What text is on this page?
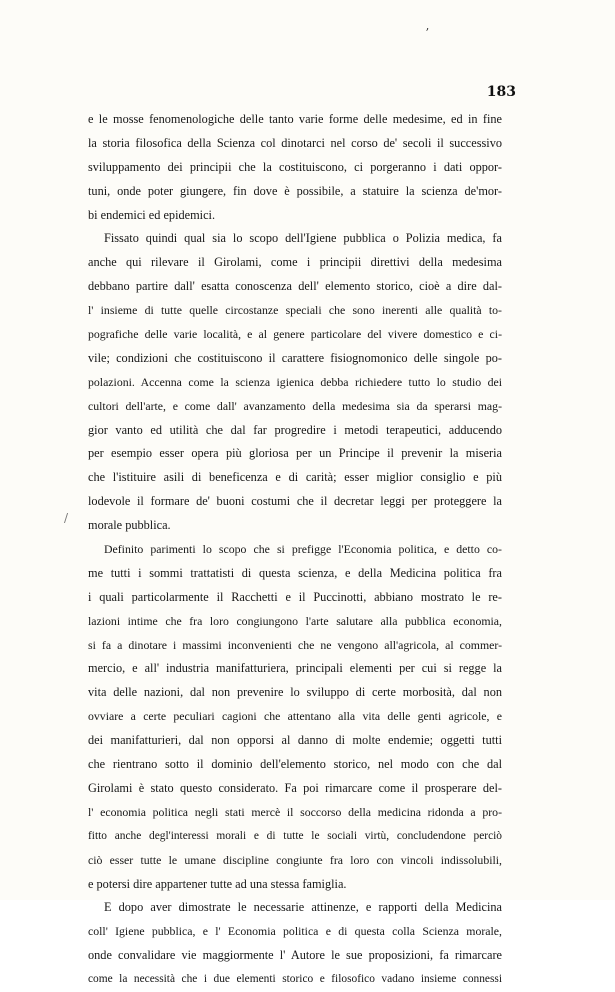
ʼ
183
/
e le mosse fenomenologiche delle tanto varie forme delle medesime, ed in fine
la storia filosofica della Scienza col dinotarci nel corso de' secoli il successivo
sviluppamento dei principii che la costituiscono, ci porgeranno i dati oppor-
tuni, onde poter giungere, fin dove è possibile, a statuire la scienza de'mor-
bi endemici ed epidemici.
Fissato quindi qual sia lo scopo dell'Igiene pubblica o Polizia medica, fa
anche qui rilevare il Girolami, come i principii direttivi della medesima
debbano partire dall' esatta conoscenza dell' elemento storico, cioè a dire dal-
l' insieme di tutte quelle circostanze speciali che sono inerenti alle qualità to-
pografiche delle varie località, e al genere particolare del vivere domestico e ci-
vile; condizioni che costituiscono il carattere fisiognomonico delle singole po-
polazioni. Accenna come la scienza igienica debba richiedere tutto lo studio dei
cultori dell'arte, e come dall' avanzamento della medesima sia da sperarsi mag-
gior vanto ed utilità che dal far progredire i metodi terapeutici, adducendo
per esempio esser opera più gloriosa per un Principe il prevenir la miseria
che l'istituire asili di beneficenza e di carità; esser miglior consiglio e più
lodevole il formare de' buoni costumi che il decretar leggi per proteggere la
morale pubblica.
Definito parimenti lo scopo che si prefigge l'Economia politica, e detto co-
me tutti i sommi trattatisti di questa scienza, e della Medicina politica fra
i quali particolarmente il Racchetti e il Puccinotti, abbiano mostrato le re-
lazioni intime che fra loro congiungono l'arte salutare alla pubblica economia,
si fa a dinotare i massimi inconvenienti che ne vengono all'agricola, al commer-
mercio, e all' industria manifatturiera, principali elementi per cui si regge la
vita delle nazioni, dal non prevenire lo sviluppo di certe morbosità, dal non
ovviare a certe peculiari cagioni che attentano alla vita delle genti agricole, e
dei manifatturieri, dal non opporsi al danno di molte endemie; oggetti tutti
che rientrano sotto il dominio dell'elemento storico, nel modo con che dal
Girolami è stato questo considerato. Fa poi rimarcare come il prosperare del-
l' economia politica negli stati mercè il soccorso della medicina ridonda a pro-
fitto anche degl'interessi morali e di tutte le sociali virtù, concludendone perciò
ciò esser tutte le umane discipline congiunte fra loro con vincoli indissolubili,
e potersi dire appartener tutte ad una stessa famiglia.
E dopo aver dimostrate le necessarie attinenze, e rapporti della Medicina
coll' Igiene pubblica, e l' Economia politica e di questa colla Scienza morale,
onde convalidare vie maggiormente l' Autore le sue proposizioni, fa rimarcare
come la necessità che i due elementi storico e filosofico vadano insieme connessi
